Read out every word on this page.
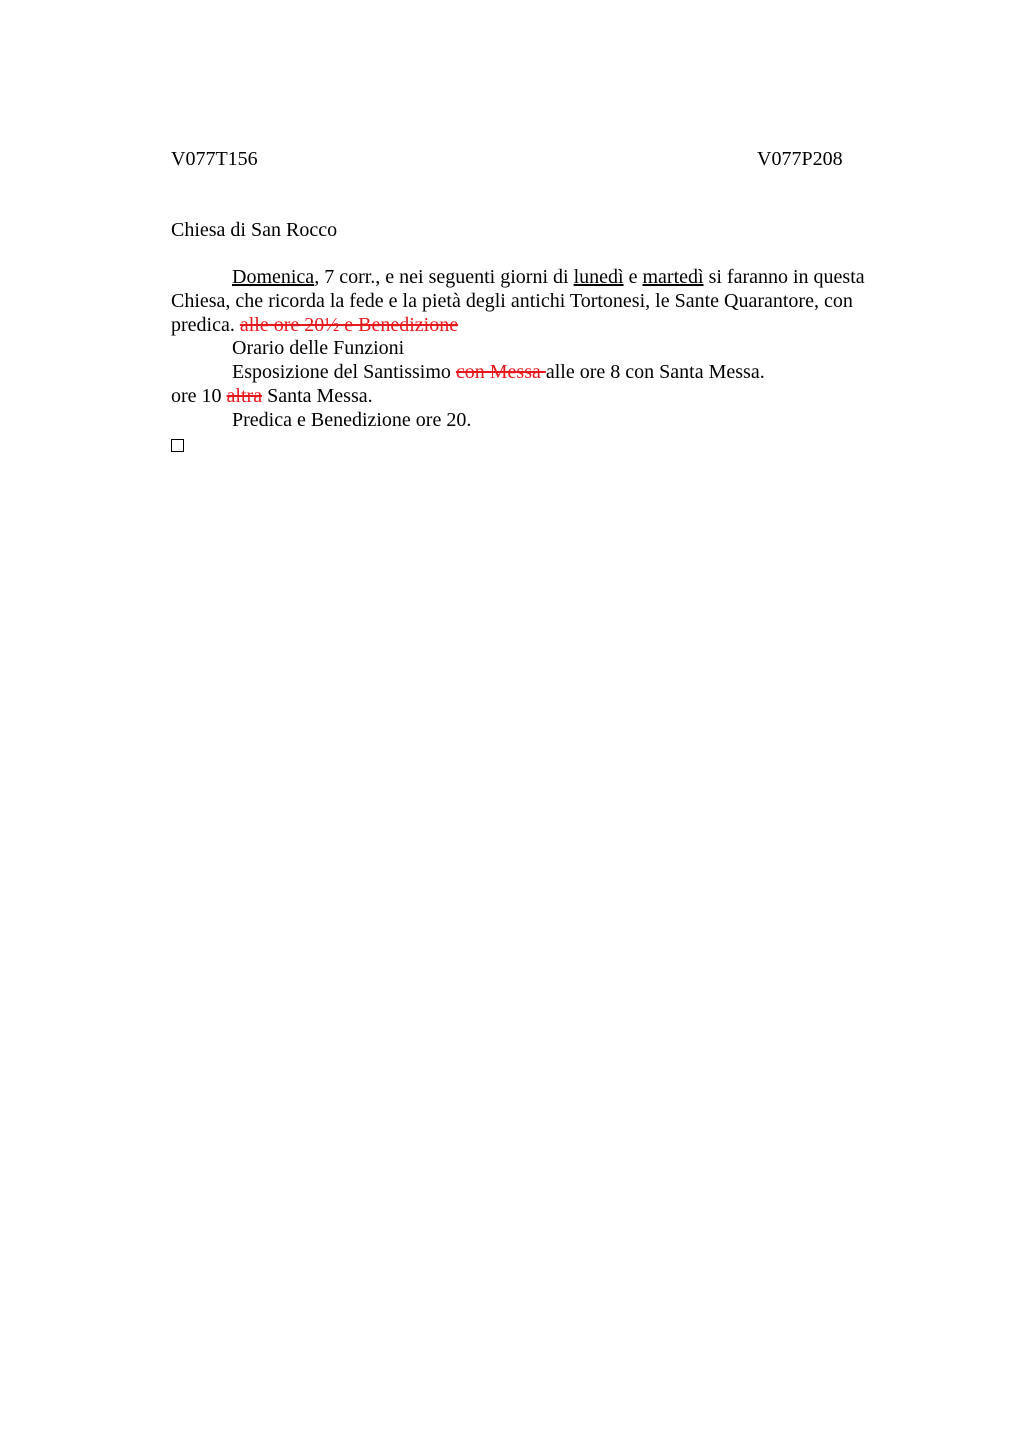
V077T156	V077P208
Chiesa di San Rocco

Domenica, 7 corr., e nei seguenti giorni di lunedì e martedì si faranno in questa Chiesa, che ricorda la fede e la pietà degli antichi Tortonesi, le Sante Quarantore, con predica. alle ore 20½ e Benedizione

Orario delle Funzioni

Esposizione del Santissimo con Messa alle ore 8 con Santa Messa.

ore 10 altra Santa Messa.

Predica e Benedizione ore 20.
